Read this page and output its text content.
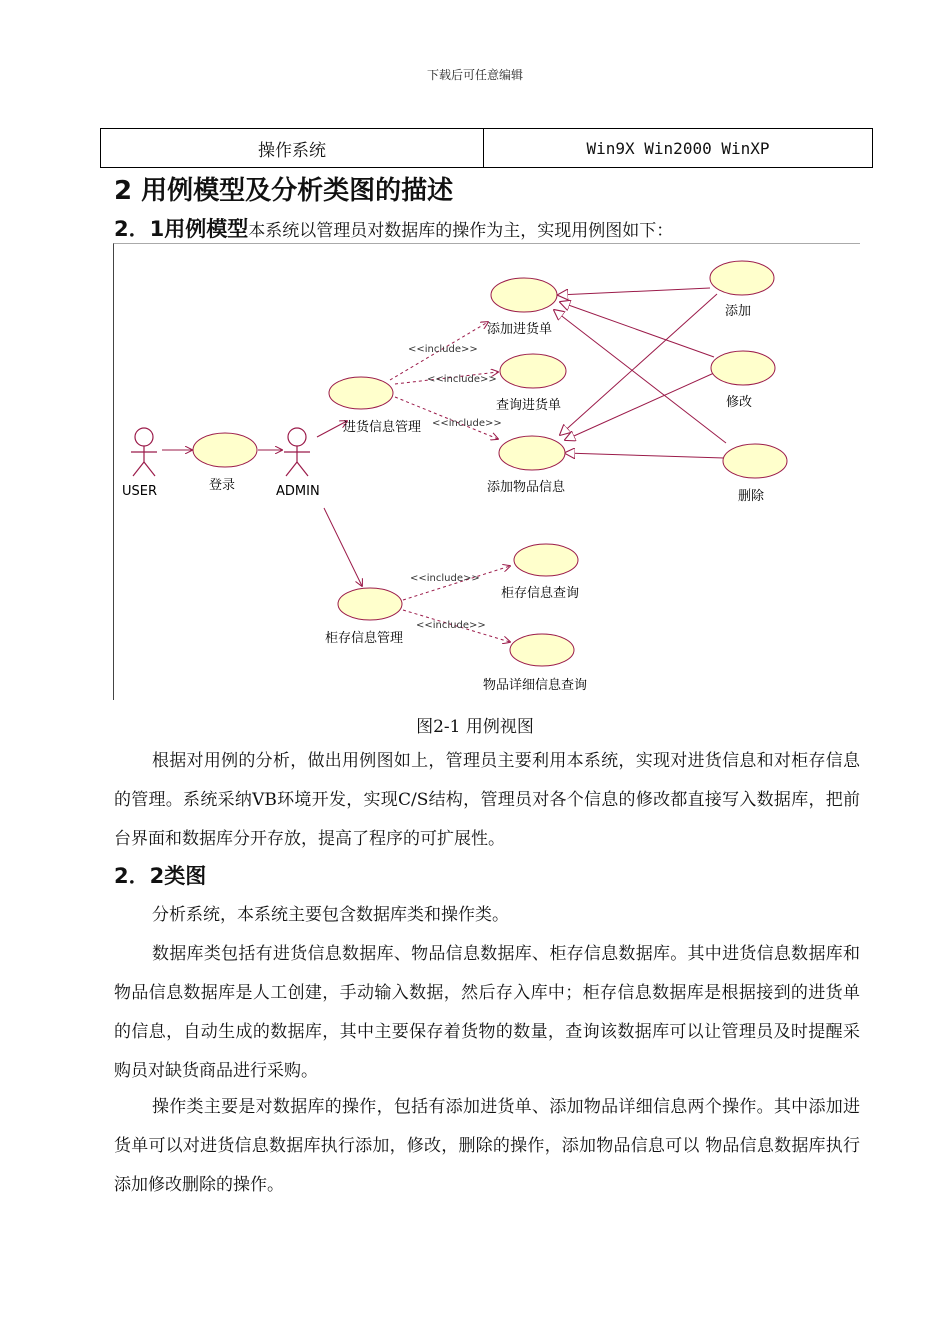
下载后可任意编辑
操作系统	Win9X Win2000 WinXP
2 用例模型及分析类图的描述
2．1用例模型本系统以管理员对数据库的操作为主，实现用例图如下：
<<include>>
<<include>>
<<include>>
<<include>>
<<include>>
USER	ADMIN
登录
进货信息管理
添加进货单
查询进货单
添加物品信息
添加
修改
删除
柜存信息管理
柜存信息查询
物品详细信息查询
图2-1 用例视图

根据对用例的分析，做出用例图如上，管理员主要利用本系统，实现对进货信息和对柜存信息的管理。系统采纳VB环境开发，实现C/S结构，管理员对各个信息的修改都直接写入数据库，把前台界面和数据库分开存放，提高了程序的可扩展性。

2．2类图

分析系统，本系统主要包含数据库类和操作类。

数据库类包括有进货信息数据库、物品信息数据库、柜存信息数据库。其中进货信息数据库和物品信息数据库是人工创建，手动输入数据，然后存入库中；柜存信息数据库是根据接到的进货单的信息，自动生成的数据库，其中主要保存着货物的数量，查询该数据库可以让管理员及时提醒采购员对缺货商品进行采购。

操作类主要是对数据库的操作，包括有添加进货单、添加物品详细信息两个操作。其中添加进货单可以对进货信息数据库执行添加，修改，删除的操作，添加物品信息可以 物品信息数据库执行添加修改删除的操作。
